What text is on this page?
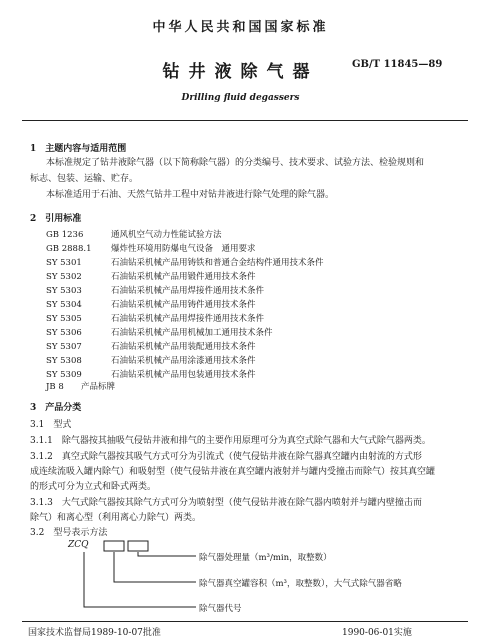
中华人民共和国国家标准
钻井液除气器	GB/T 11845—89
Drilling fluid degassers
1　主题内容与适用范围
本标准规定了钻井液除气器（以下简称除气器）的分类编号、技术要求、试验方法、检验规则和
标志、包装、运输、贮存。
本标准适用于石油、天然气钻井工程中对钻井液进行除气处理的除气器。
2　引用标准
GB 1236	通风机空气动力性能试验方法
GB 2888.1 爆炸性环境用防爆电气设备　通用要求
SY 5301	石油钻采机械产品用铸铁和普通合金结构件通用技术条件
SY 5302	石油钻采机械产品用锻件通用技术条件
SY 5303	石油钻采机械产品用焊接件通用技术条件
SY 5304	石油钻采机械产品用铸件通用技术条件
SY 5305	石油钻采机械产品用焊接件通用技术条件
SY 5306	石油钻采机械产品用机械加工通用技术条件
SY 5307	石油钻采机械产品用装配通用技术条件
SY 5308	石油钻采机械产品用涂漆通用技术条件
SY 5309	石油钻采机械产品用包装通用技术条件
JB 8 产品标牌
3　产品分类
3.1　型式
3.1.1　除气器按其抽吸气侵钻井液和排气的主要作用原理可分为真空式除气器和大气式除气器两类。
3.1.2　真空式除气器按其吸气方式可分为引流式（使气侵钻井液在除气器真空罐内由射流的方式形
成连续流吸入罐内除气）和吸射型（使气侵钻井液在真空罐内液射并与罐内受撞击而除气）按其真空罐
的形式可分为立式和卧式两类。
3.1.3　大气式除气器按其除气方式可分为喷射型（使气侵钻井液在除气器内喷射并与罐内壁撞击而
除气）和离心型（利用离心力除气）两类。
3.2　型号表示方法
ZCQ
除气器处理量（m³/min，取整数）
除气器真空罐容积（m³，取整数），大气式除气器省略
除气器代号
国家技术监督局1989-10-07批准	1990-06-01实施
